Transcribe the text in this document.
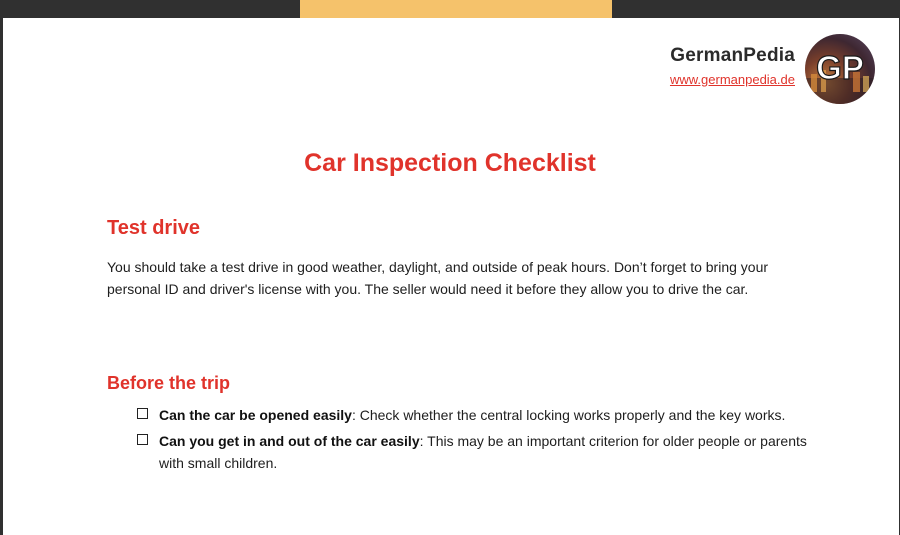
GermanPedia
www.germanpedia.de GP
Car Inspection Checklist
Test drive
You should take a test drive in good weather, daylight, and outside of peak hours. Don’t forget to bring your personal ID and driver's license with you. The seller would need it before they allow you to drive the car.
Before the trip
Can the car be opened easily: Check whether the central locking works properly and the key works.
Can you get in and out of the car easily: This may be an important criterion for older people or parents with small children.
